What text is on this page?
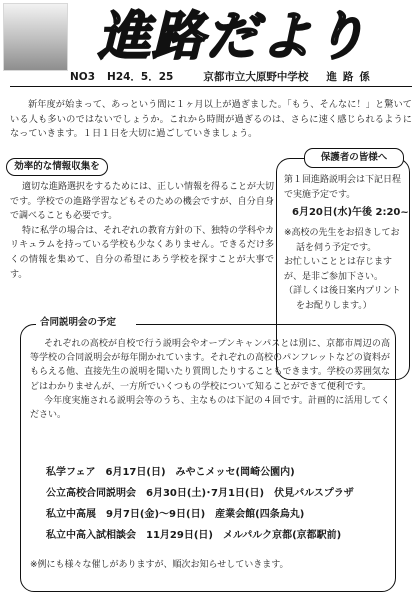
進路だより
NO3 H24．5．25	京都市立大原野中学校 進路係
新年度が始まって、あっという間に１ヶ月以上が過ぎました。「もう、そんなに！」と驚いている人も多いのではないでしょうか。これから時間が過ぎるのは、さらに速く感じられるようになっていきます。１日１日を大切に過ごしていきましょう。
効率的な情報収集を

適切な進路選択をするためには、正しい情報を得ることが大切です。学校での進路学習などもそのための機会ですが、自分自身で調べることも必要です。

特に私学の場合は、それぞれの教育方針の下、独特の学科やカリキュラムを持っている学校も少なくありません。できるだけ多くの情報を集めて、自分の希望にあう学校を探すことが大事です。

保護者の皆様へ
第１回進路説明会は下記日程で実施予定です。
6月20日(水)午後 2:20~

※高校の先生をお招きしてお話を伺う予定です。

お忙しいこととは存じますが、是非ご参加下さい。

（詳しくは後日案内プリントをお配りします。）

合同説明会の予定

それぞれの高校が自校で行う説明会やオープンキャンパスとは別に、京都市周辺の高等学校の合同説明会が毎年開かれています。それぞれの高校のパンフレットなどの資料がもらえる他、直接先生の説明を聞いたり質問したりすることもできます。学校の雰囲気などはわかりませんが、一方所でいくつもの学校について知ることができて便利です。

今年度実施される説明会等のうち、主なものは下記の４回です。計画的に活用してください。

私学フェア 6月17日(日) みやこメッセ(岡崎公園内)
公立高校合同説明会 6月30日(土)･7月1日(日) 伏見パルスプラザ
私立中高展 9月7日(金)～9日(日) 産業会館(四条烏丸)
私立中高入試相談会 11月29日(日) メルパルク京都(京都駅前)
※例にも様々な催しがありますが、順次お知らせしていきます。
